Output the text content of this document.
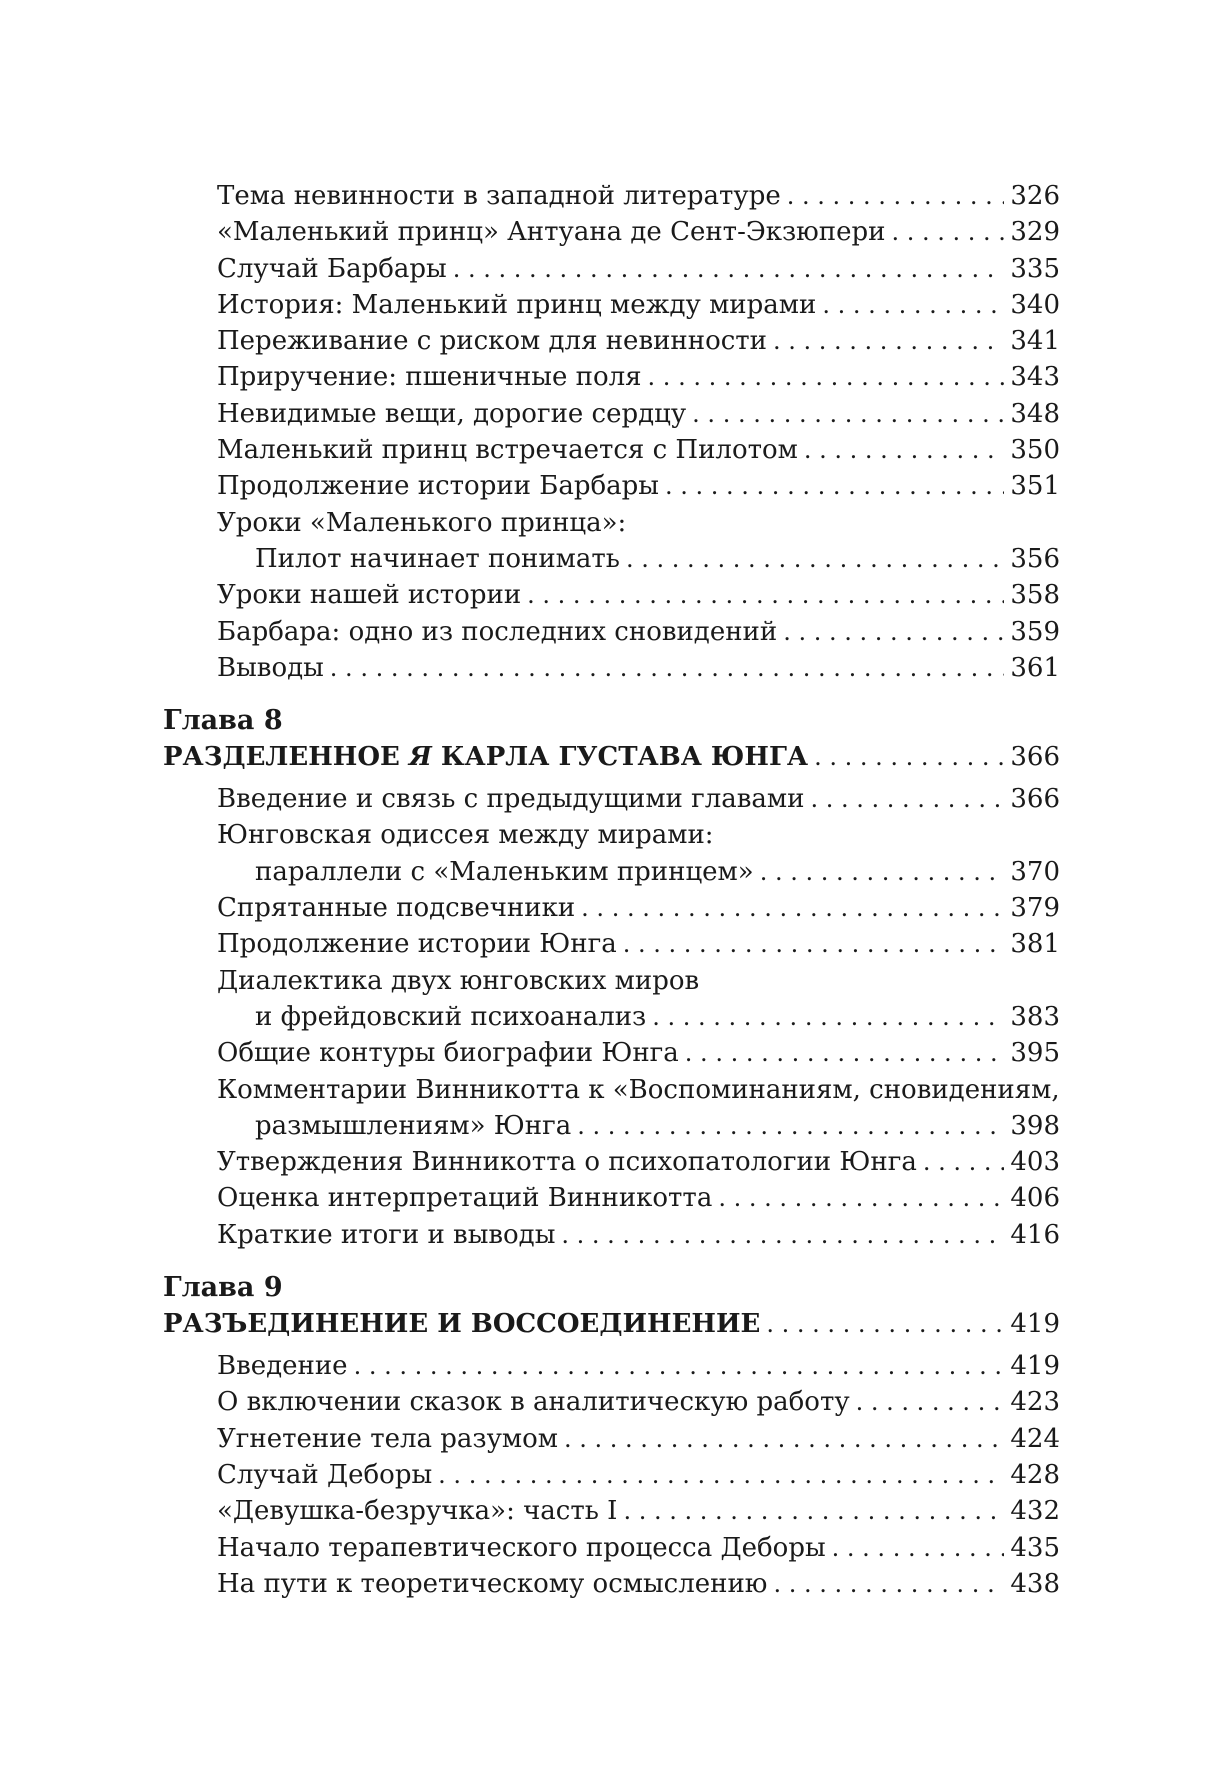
Тема невинности в западной литературе . . .	326
«Маленький принц» Антуана де Сент-Экзюпери . . .	329
Случай Барбары . . .	335
История: Маленький принц между мирами . . .	340
Переживание с риском для невинности . . .	341
Приручение: пшеничные поля . . .	343
Невидимые вещи, дорогие сердцу . . .	348
Маленький принц встречается с Пилотом . . .	350
Продолжение истории Барбары . . .	351
Уроки «Маленького принца»:
Пилот начинает понимать . . .	356
Уроки нашей истории . . .	358
Барбара: одно из последних сновидений . . .	359
Выводы . . .	361
Глава 8
РАЗДЕЛЕННОЕ Я КАРЛА ГУСТАВА ЮНГА . . .	366
Введение и связь с предыдущими главами . . .	366
Юнговская одиссея между мирами:
параллели с «Маленьким принцем» . . .	370
Спрятанные подсвечники . . .	379
Продолжение истории Юнга . . .	381
Диалектика двух юнговских миров
и фрейдовский психоанализ . . .	383
Общие контуры биографии Юнга . . .	395
Комментарии Винникотта к «Воспоминаниям, сновидениям,
размышлениям» Юнга . . .	398
Утверждения Винникотта о психопатологии Юнга . . .	403
Оценка интерпретаций Винникотта . . .	406
Краткие итоги и выводы . . .	416
Глава 9
РАЗЪЕДИНЕНИЕ И ВОССОЕДИНЕНИЕ . . .	419
Введение . . .	419
О включении сказок в аналитическую работу . . .	423
Угнетение тела разумом . . .	424
Случай Деборы . . .	428
«Девушка-безручка»: часть I . . .	432
Начало терапевтического процесса Деборы . . .	435
На пути к теоретическому осмыслению . . .	438
